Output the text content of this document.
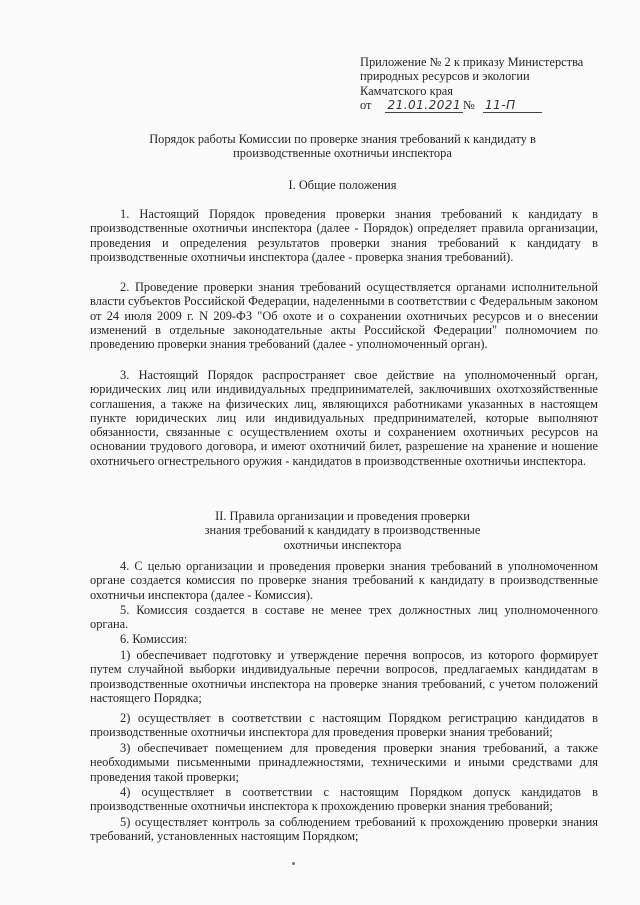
Приложение № 2 к приказу Министерства
природных ресурсов и экологии
Камчатского края
от 21.01.2021 № 11-П

Порядок работы Комиссии по проверке знания требований к кандидату в
производственные охотничьи инспектора
I. Общие положения

1. Настоящий Порядок проведения проверки знания требований к кандидату в производственные охотничьи инспектора (далее - Порядок) определяет правила организации, проведения и определения результатов проверки знания требований к кандидату в производственные охотничьи инспектора (далее - проверка знания требований).

2. Проведение проверки знания требований осуществляется органами исполнительной власти субъектов Российской Федерации, наделенными в соответствии с Федеральным законом от 24 июля 2009 г. N 209-ФЗ "Об охоте и о сохранении охотничьих ресурсов и о внесении изменений в отдельные законодательные акты Российской Федерации" полномочием по проведению проверки знания требований (далее - уполномоченный орган).

3. Настоящий Порядок распространяет свое действие на уполномоченный орган, юридических лиц или индивидуальных предпринимателей, заключивших охотхозяйственные соглашения, а также на физических лиц, являющихся работниками указанных в настоящем пункте юридических лиц или индивидуальных предпринимателей, которые выполняют обязанности, связанные с осуществлением охоты и сохранением охотничьих ресурсов на основании трудового договора, и имеют охотничий билет, разрешение на хранение и ношение охотничьего огнестрельного оружия - кандидатов в производственные охотничьи инспектора.

II. Правила организации и проведения проверки
знания требований к кандидату в производственные
охотничьи инспектора

4. С целью организации и проведения проверки знания требований в уполномоченном органе создается комиссия по проверке знания требований к кандидату в производственные охотничьи инспектора (далее - Комиссия).

5. Комиссия создается в составе не менее трех должностных лиц уполномоченного органа.

6. Комиссия:

1) обеспечивает подготовку и утверждение перечня вопросов, из которого формирует путем случайной выборки индивидуальные перечни вопросов, предлагаемых кандидатам в производственные охотничьи инспектора на проверке знания требований, с учетом положений настоящего Порядка;

2) осуществляет в соответствии с настоящим Порядком регистрацию кандидатов в производственные охотничьи инспектора для проведения проверки знания требований;

3) обеспечивает помещением для проведения проверки знания требований, а также необходимыми письменными принадлежностями, техническими и иными средствами для проведения такой проверки;

4) осуществляет в соответствии с настоящим Порядком допуск кандидатов в производственные охотничьи инспектора к прохождению проверки знания требований;

5) осуществляет контроль за соблюдением требований к прохождению проверки знания требований, установленных настоящим Порядком;
